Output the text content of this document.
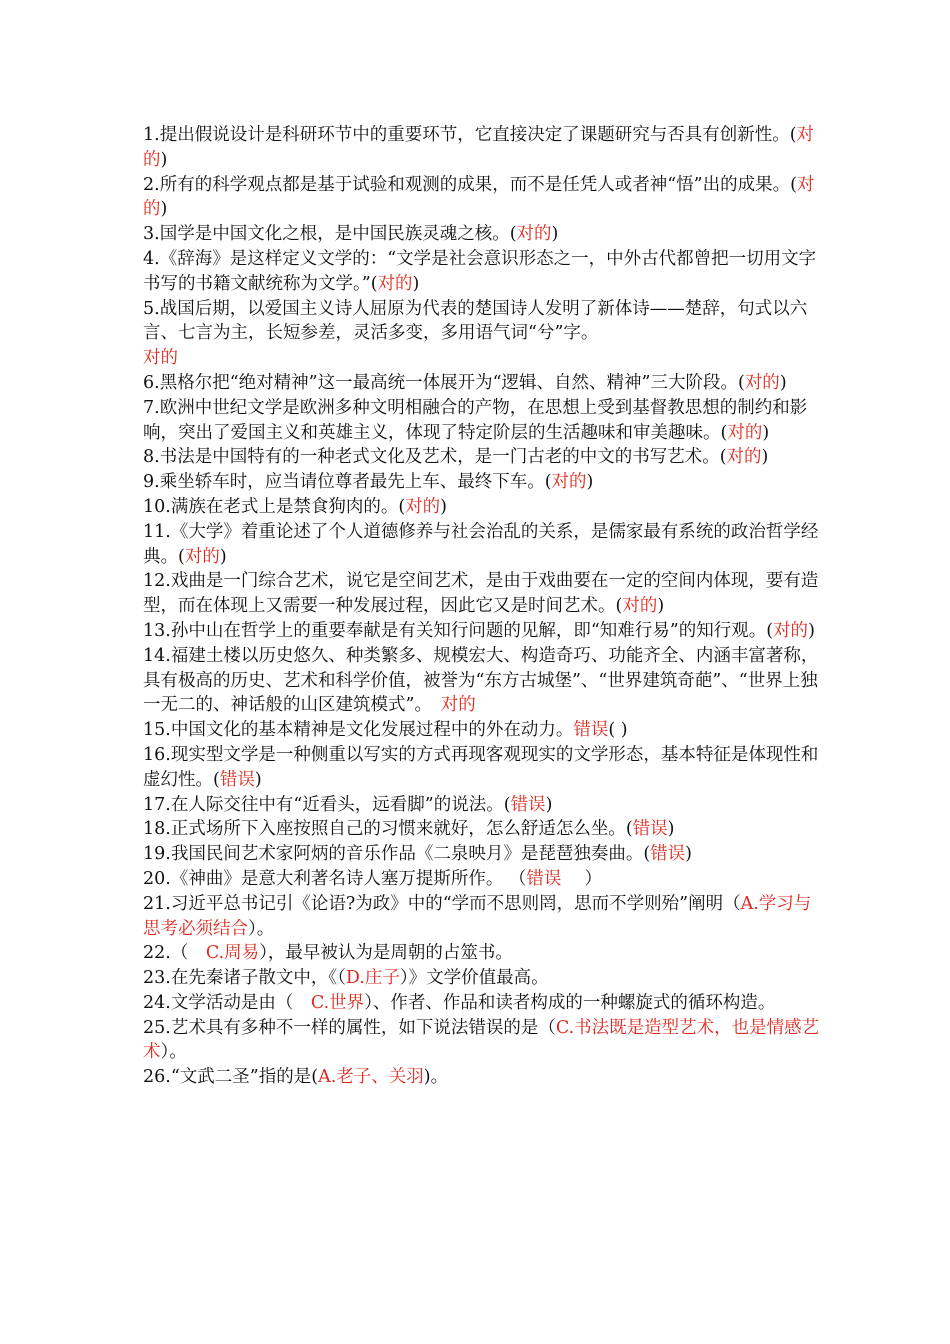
1.提出假说设计是科研环节中的重要环节，它直接决定了课题研究与否具有创新性。(对的)

2.所有的科学观点都是基于试验和观测的成果，而不是任凭人或者神“悟”出的成果。(对的)

3.国学是中国文化之根，是中国民族灵魂之核。(对的)

4.《辞海》是这样定义文学的：“文学是社会意识形态之一，中外古代都曾把一切用文字书写的书籍文献统称为文学。”(对的)

5.战国后期，以爱国主义诗人屈原为代表的楚国诗人发明了新体诗——楚辞，句式以六言、七言为主，长短参差，灵活多变，多用语气词“兮”字。
对的

6.黑格尔把“绝对精神”这一最高统一体展开为“逻辑、自然、精神”三大阶段。(对的)

7.欧洲中世纪文学是欧洲多种文明相融合的产物，在思想上受到基督教思想的制约和影响，突出了爱国主义和英雄主义，体现了特定阶层的生活趣味和审美趣味。(对的)

8.书法是中国特有的一种老式文化及艺术，是一门古老的中文的书写艺术。(对的)

9.乘坐轿车时，应当请位尊者最先上车、最终下车。(对的)

10.满族在老式上是禁食狗肉的。(对的)

11.《大学》着重论述了个人道德修养与社会治乱的关系，是儒家最有系统的政治哲学经典。(对的)

12.戏曲是一门综合艺术，说它是空间艺术，是由于戏曲要在一定的空间内体现，要有造型，而在体现上又需要一种发展过程，因此它又是时间艺术。(对的)

13.孙中山在哲学上的重要奉献是有关知行问题的见解，即“知难行易”的知行观。(对的)

14.福建土楼以历史悠久、种类繁多、规模宏大、构造奇巧、功能齐全、内涵丰富著称，具有极高的历史、艺术和科学价值，被誉为“东方古城堡”、“世界建筑奇葩”、“世界上独一无二的、神话般的山区建筑模式”。　对的

15.中国文化的基本精神是文化发展过程中的外在动力。错误( )

16.现实型文学是一种侧重以写实的方式再现客观现实的文学形态，基本特征是体现性和虚幻性。(错误)

17.在人际交往中有“近看头，远看脚”的说法。(错误)

18.正式场所下入座按照自己的习惯来就好，怎么舒适怎么坐。(错误)

19.我国民间艺术家阿炳的音乐作品《二泉映月》是琵琶独奏曲。(错误)

20.《神曲》是意大利著名诗人塞万提斯所作。 （错误　 ）

21.习近平总书记引《论语?为政》中的“学而不思则罔，思而不学则殆”阐明（A.学习与思考必须结合）。

22.（　C.周易），最早被认为是周朝的占筮书。

23.在先秦诸子散文中，《（D.庄子）》文学价值最高。

24.文学活动是由（　C.世界）、作者、作品和读者构成的一种螺旋式的循环构造。

25.艺术具有多种不一样的属性，如下说法错误的是（C.书法既是造型艺术，也是情感艺术）。

26.“文武二圣”指的是(A.老子、关羽)。
